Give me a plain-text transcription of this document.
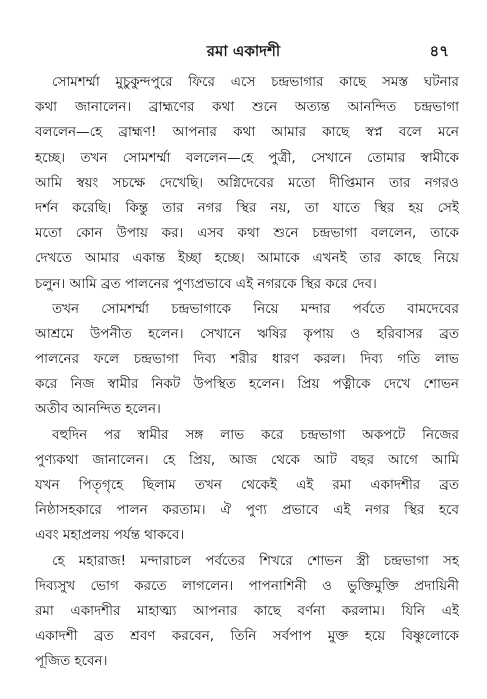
রমা একাদশী	৪৭
সোমশর্ম্মা মুচুকুন্দপুরে ফিরে এসে চন্দ্রভাগার কাছে সমস্ত ঘটনার
কথা জানালেন। ব্রাহ্মণের কথা শুনে অত্যন্ত আনন্দিত চন্দ্রভাগা
বললেন—হে ব্রাহ্মণ! আপনার কথা আমার কাছে স্বপ্ন বলে মনে
হচ্ছে। তখন সোমশর্ম্মা বললেন—হে পুত্রী, সেখানে তোমার স্বামীকে
আমি স্বয়ং সচক্ষে দেখেছি। অগ্নিদেবের মতো দীপ্তিমান তার নগরও
দর্শন করেছি। কিন্তু তার নগর স্থির নয়, তা যাতে স্থির হয় সেই
মতো কোন উপায় কর। এসব কথা শুনে চন্দ্রভাগা বললেন, তাকে
দেখতে আমার একান্ত ইচ্ছা হচ্ছে। আমাকে এখনই তার কাছে নিয়ে
চলুন। আমি ব্রত পালনের পুণ্যপ্রভাবে এই নগরকে স্থির করে দেব।
তখন সোমশর্ম্মা চন্দ্রভাগাকে নিয়ে মন্দার পর্বতে বামদেবের
আশ্রমে উপনীত হলেন। সেখানে ঋষির কৃপায় ও হরিবাসর ব্রত
পালনের ফলে চন্দ্রভাগা দিব্য শরীর ধারণ করল। দিব্য গতি লাভ
করে নিজ স্বামীর নিকট উপস্থিত হলেন। প্রিয় পত্নীকে দেখে শোভন
অতীব আনন্দিত হলেন।
বহুদিন পর স্বামীর সঙ্গ লাভ করে চন্দ্রভাগা অকপটে নিজের
পুণ্যকথা জানালেন। হে প্রিয়, আজ থেকে আট বছর আগে আমি
যখন পিতৃগৃহে ছিলাম তখন থেকেই এই রমা একাদশীর ব্রত
নিষ্ঠাসহকারে পালন করতাম। ঐ পুণ্য প্রভাবে এই নগর স্থির হবে
এবং মহাপ্রলয় পর্যন্ত থাকবে।
হে মহারাজ! মন্দারাচল পর্বতের শিখরে শোভন স্ত্রী চন্দ্রভাগা সহ
দিব্যসুখ ভোগ করতে লাগলেন। পাপনাশিনী ও ভুক্তিমুক্তি প্রদায়িনী
রমা একাদশীর মাহাত্ম্য আপনার কাছে বর্ণনা করলাম। যিনি এই
একাদশী ব্রত শ্রবণ করবেন, তিনি সর্বপাপ মুক্ত হয়ে বিষ্ণুলোকে
পূজিত হবেন।
